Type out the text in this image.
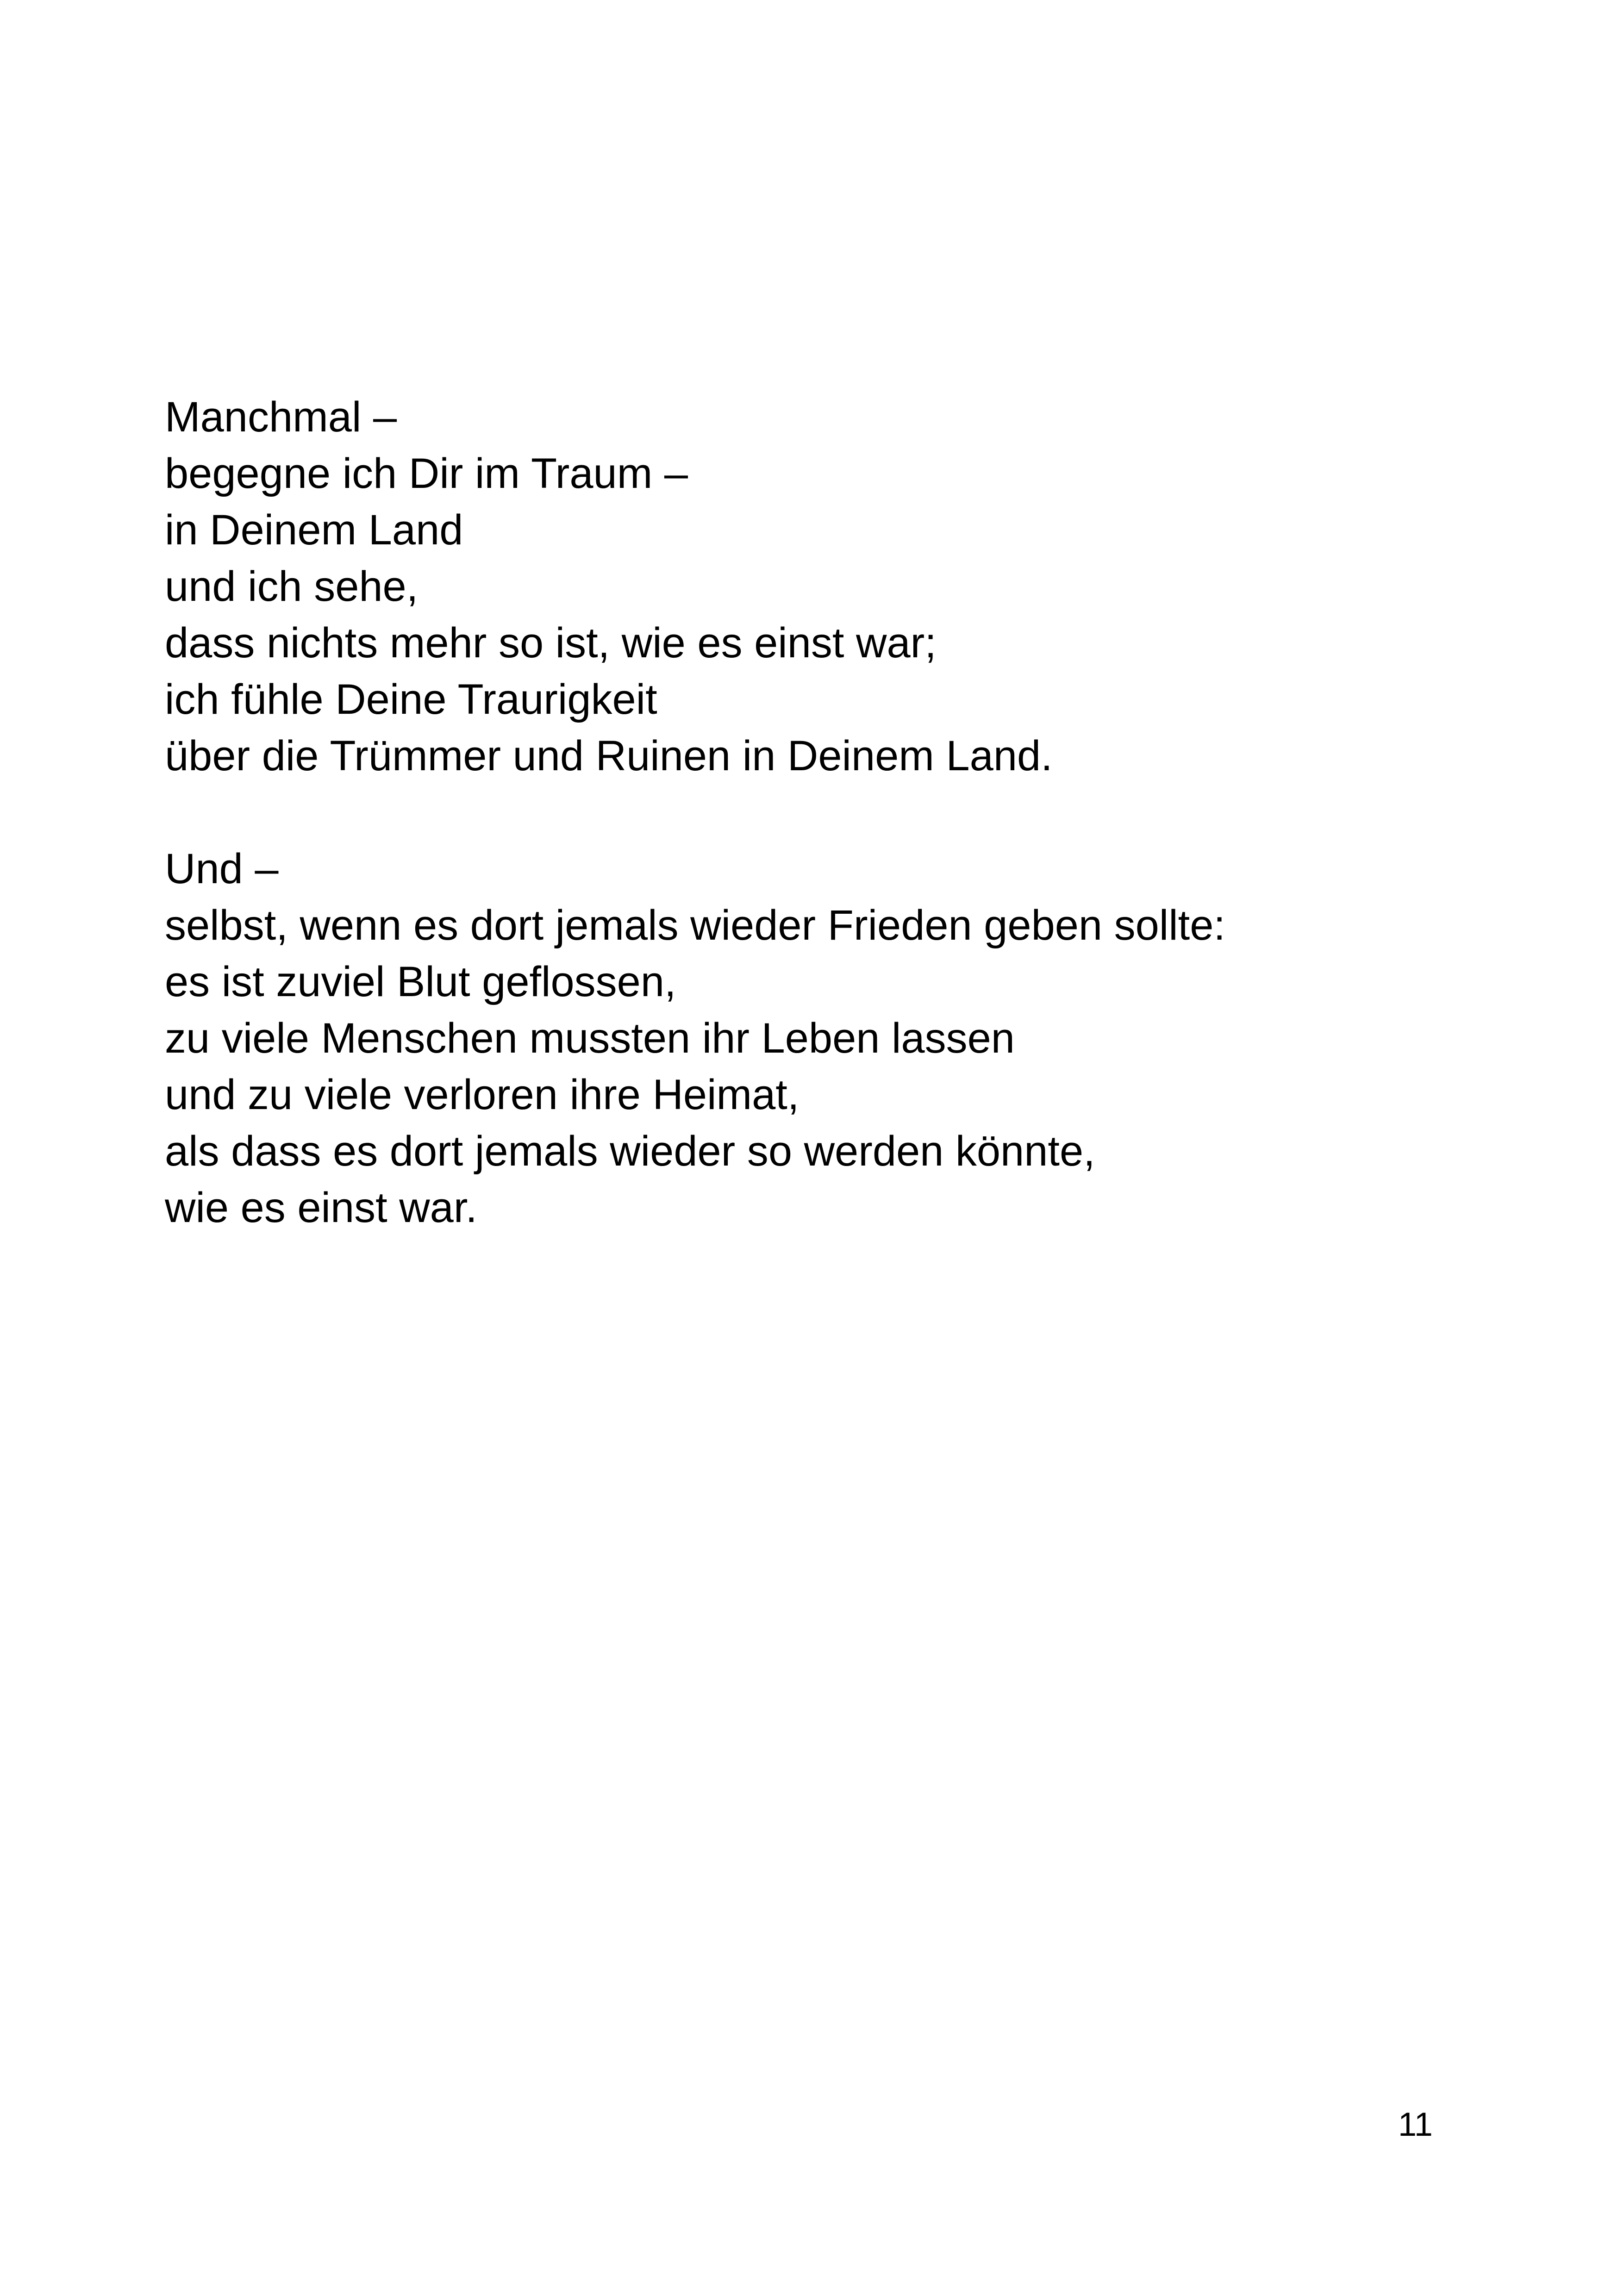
Manchmal –
begegne ich Dir im Traum –
in Deinem Land
und ich sehe,
dass nichts mehr so ist, wie es einst war;
ich fühle Deine Traurigkeit
über die Trümmer und Ruinen in Deinem Land.
Und –
selbst, wenn es dort jemals wieder Frieden geben sollte:
es ist zuviel Blut geflossen,
zu viele Menschen mussten ihr Leben lassen
und zu viele verloren ihre Heimat,
als dass es dort jemals wieder so werden könnte,
wie es einst war.
11
